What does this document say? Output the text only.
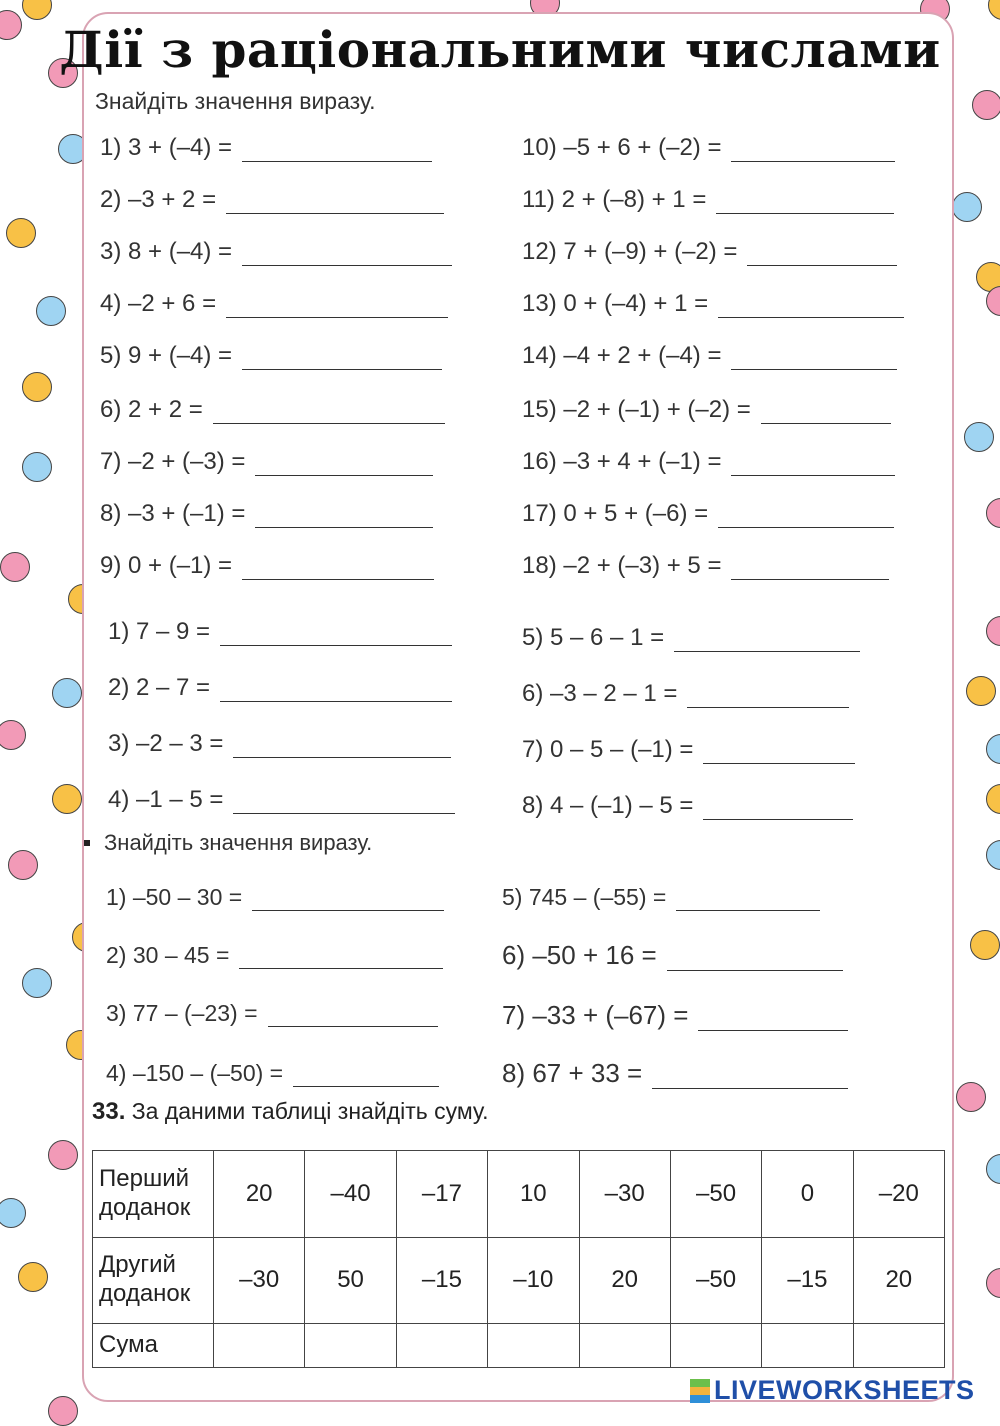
Дії з раціональними числами
Знайдіть значення виразу.
1) 3 + (–4) =
2) –3 + 2 =
3) 8 + (–4) =
4) –2 + 6 =
5) 9 + (–4) =
6) 2 + 2 =
7) –2 + (–3) =
8) –3 + (–1) =
9) 0 + (–1) =
10) –5 + 6 + (–2) =
11) 2 + (–8) + 1 =
12) 7 + (–9) + (–2) =
13) 0 + (–4) + 1 =
14) –4 + 2 + (–4) =
15) –2 + (–1) + (–2) =
16) –3 + 4 + (–1) =
17) 0 + 5 + (–6) =
18) –2 + (–3) + 5 =
1) 7 – 9 =
2) 2 – 7 =
3) –2 – 3 =
4) –1 – 5 =
5) 5 – 6 – 1 =
6) –3 – 2 – 1 =
7) 0 – 5 – (–1) =
8) 4 – (–1) – 5 =
Знайдіть значення виразу.
1) –50 – 30 =
2) 30 – 45 =
3) 77 – (–23) =
4) –150 – (–50) =
5) 745 – (–55) =
6) –50 + 16 =
7) –33 + (–67) =
8) 67 + 33 =
33. За даними таблиці знайдіть суму.
Перший доданок	20	–40	–17	10	–30	–50	0	–20
Другий доданок	–30	50	–15	–10	20	–50	–15	20
Сума								
LIVEWORKSHEETS
